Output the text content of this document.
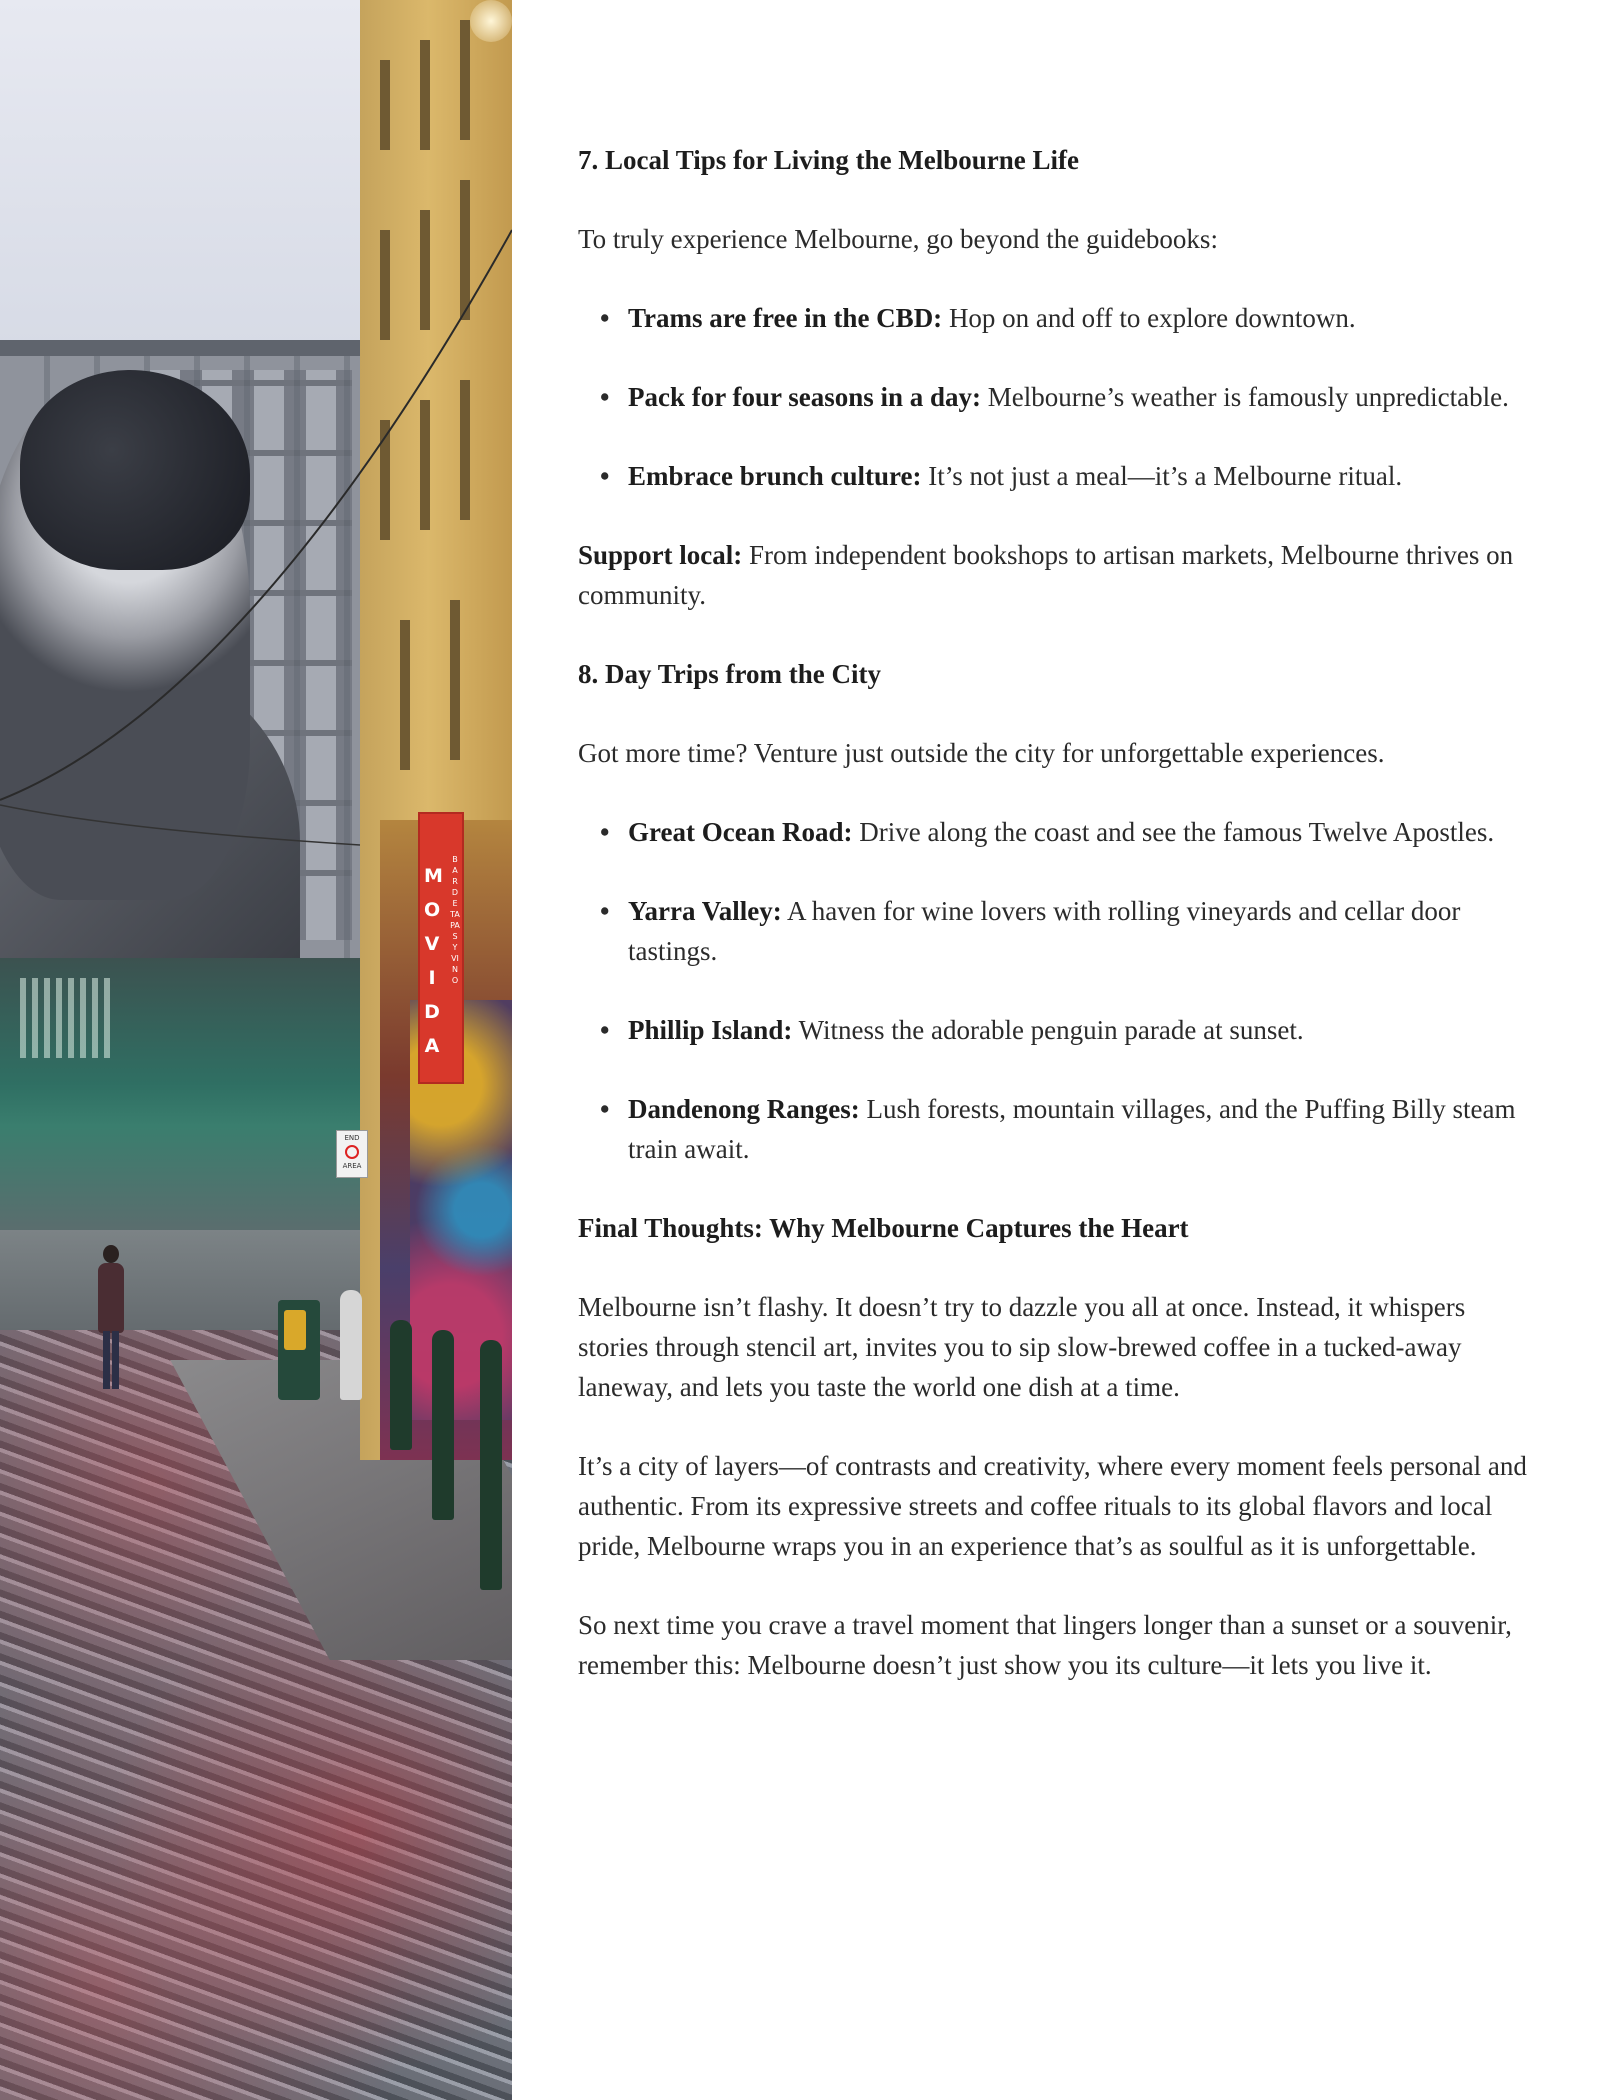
MOVIDA
BAR DE TAPAS Y VINO
END
AREA

7. Local Tips for Living the Melbourne Life

To truly experience Melbourne, go beyond the guidebooks:

• Trams are free in the CBD: Hop on and off to explore downtown.
• Pack for four seasons in a day: Melbourne’s weather is famously unpredictable.
• Embrace brunch culture: It’s not just a meal—it’s a Melbourne ritual.

Support local: From independent bookshops to artisan markets, Melbourne thrives on community.

8. Day Trips from the City

Got more time? Venture just outside the city for unforgettable experiences.

• Great Ocean Road: Drive along the coast and see the famous Twelve Apostles.
• Yarra Valley: A haven for wine lovers with rolling vineyards and cellar door tastings.
• Phillip Island: Witness the adorable penguin parade at sunset.
• Dandenong Ranges: Lush forests, mountain villages, and the Puffing Billy steam train await.

Final Thoughts: Why Melbourne Captures the Heart

Melbourne isn’t flashy. It doesn’t try to dazzle you all at once. Instead, it whispers stories through stencil art, invites you to sip slow-brewed coffee in a tucked-away laneway, and lets you taste the world one dish at a time.

It’s a city of layers—of contrasts and creativity, where every moment feels personal and authentic. From its expressive streets and coffee rituals to its global flavors and local pride, Melbourne wraps you in an experience that’s as soulful as it is unforgettable.

So next time you crave a travel moment that lingers longer than a sunset or a souvenir, remember this: Melbourne doesn’t just show you its culture—it lets you live it.
